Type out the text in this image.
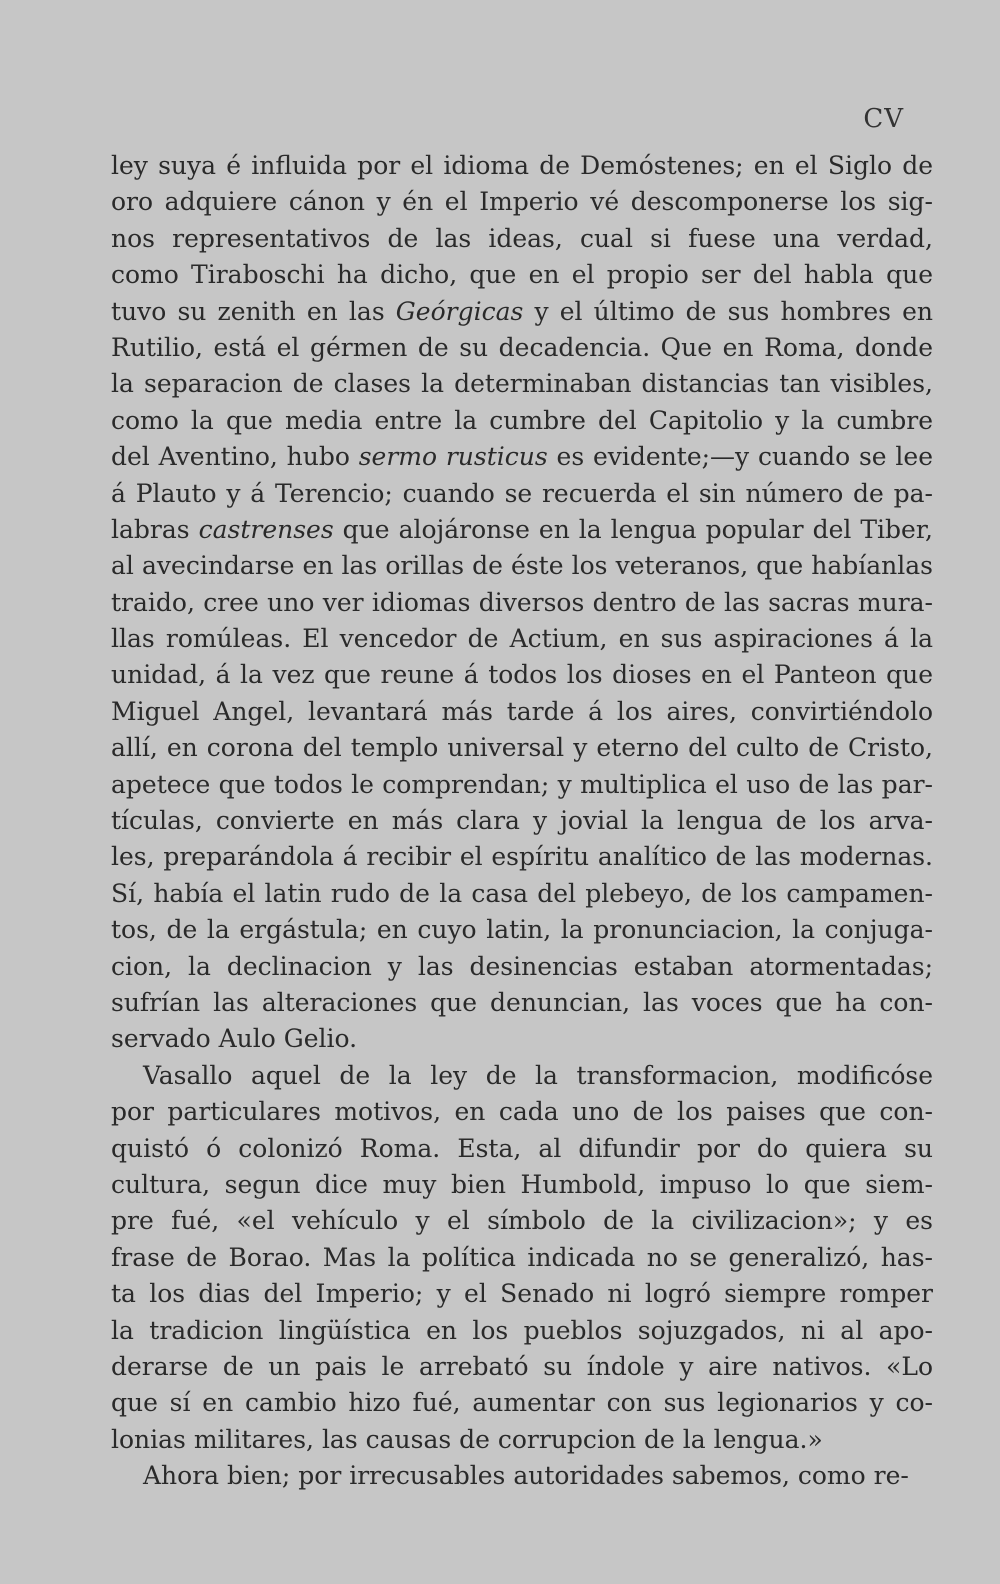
CV
ley suya é influida por el idioma de Demóstenes; en el Siglo de
oro adquiere cánon y én el Imperio vé descomponerse los sig-
nos representativos de las ideas, cual si fuese una verdad,
como Tiraboschi ha dicho, que en el propio ser del habla que
tuvo su zenith en las Geórgicas y el último de sus hombres en
Rutilio, está el gérmen de su decadencia. Que en Roma, donde
la separacion de clases la determinaban distancias tan visibles,
como la que media entre la cumbre del Capitolio y la cumbre
del Aventino, hubo sermo rusticus es evidente;—y cuando se lee
á Plauto y á Terencio; cuando se recuerda el sin número de pa-
labras castrenses que alojáronse en la lengua popular del Tiber,
al avecindarse en las orillas de éste los veteranos, que habíanlas
traido, cree uno ver idiomas diversos dentro de las sacras mura-
llas romúleas. El vencedor de Actium, en sus aspiraciones á la
unidad, á la vez que reune á todos los dioses en el Panteon que
Miguel Angel, levantará más tarde á los aires, convirtiéndolo
allí, en corona del templo universal y eterno del culto de Cristo,
apetece que todos le comprendan; y multiplica el uso de las par-
tículas, convierte en más clara y jovial la lengua de los arva-
les, preparándola á recibir el espíritu analítico de las modernas.
Sí, había el latin rudo de la casa del plebeyo, de los campamen-
tos, de la ergástula; en cuyo latin, la pronunciacion, la conjuga-
cion, la declinacion y las desinencias estaban atormentadas;
sufrían las alteraciones que denuncian, las voces que ha con-
servado Aulo Gelio.
Vasallo aquel de la ley de la transformacion, modificóse
por particulares motivos, en cada uno de los paises que con-
quistó ó colonizó Roma. Esta, al difundir por do quiera su
cultura, segun dice muy bien Humbold, impuso lo que siem-
pre fué, «el vehículo y el símbolo de la civilizacion»; y es
frase de Borao. Mas la política indicada no se generalizó, has-
ta los dias del Imperio; y el Senado ni logró siempre romper
la tradicion lingüística en los pueblos sojuzgados, ni al apo-
derarse de un pais le arrebató su índole y aire nativos. «Lo
que sí en cambio hizo fué, aumentar con sus legionarios y co-
lonias militares, las causas de corrupcion de la lengua.»
Ahora bien; por irrecusables autoridades sabemos, como re-
